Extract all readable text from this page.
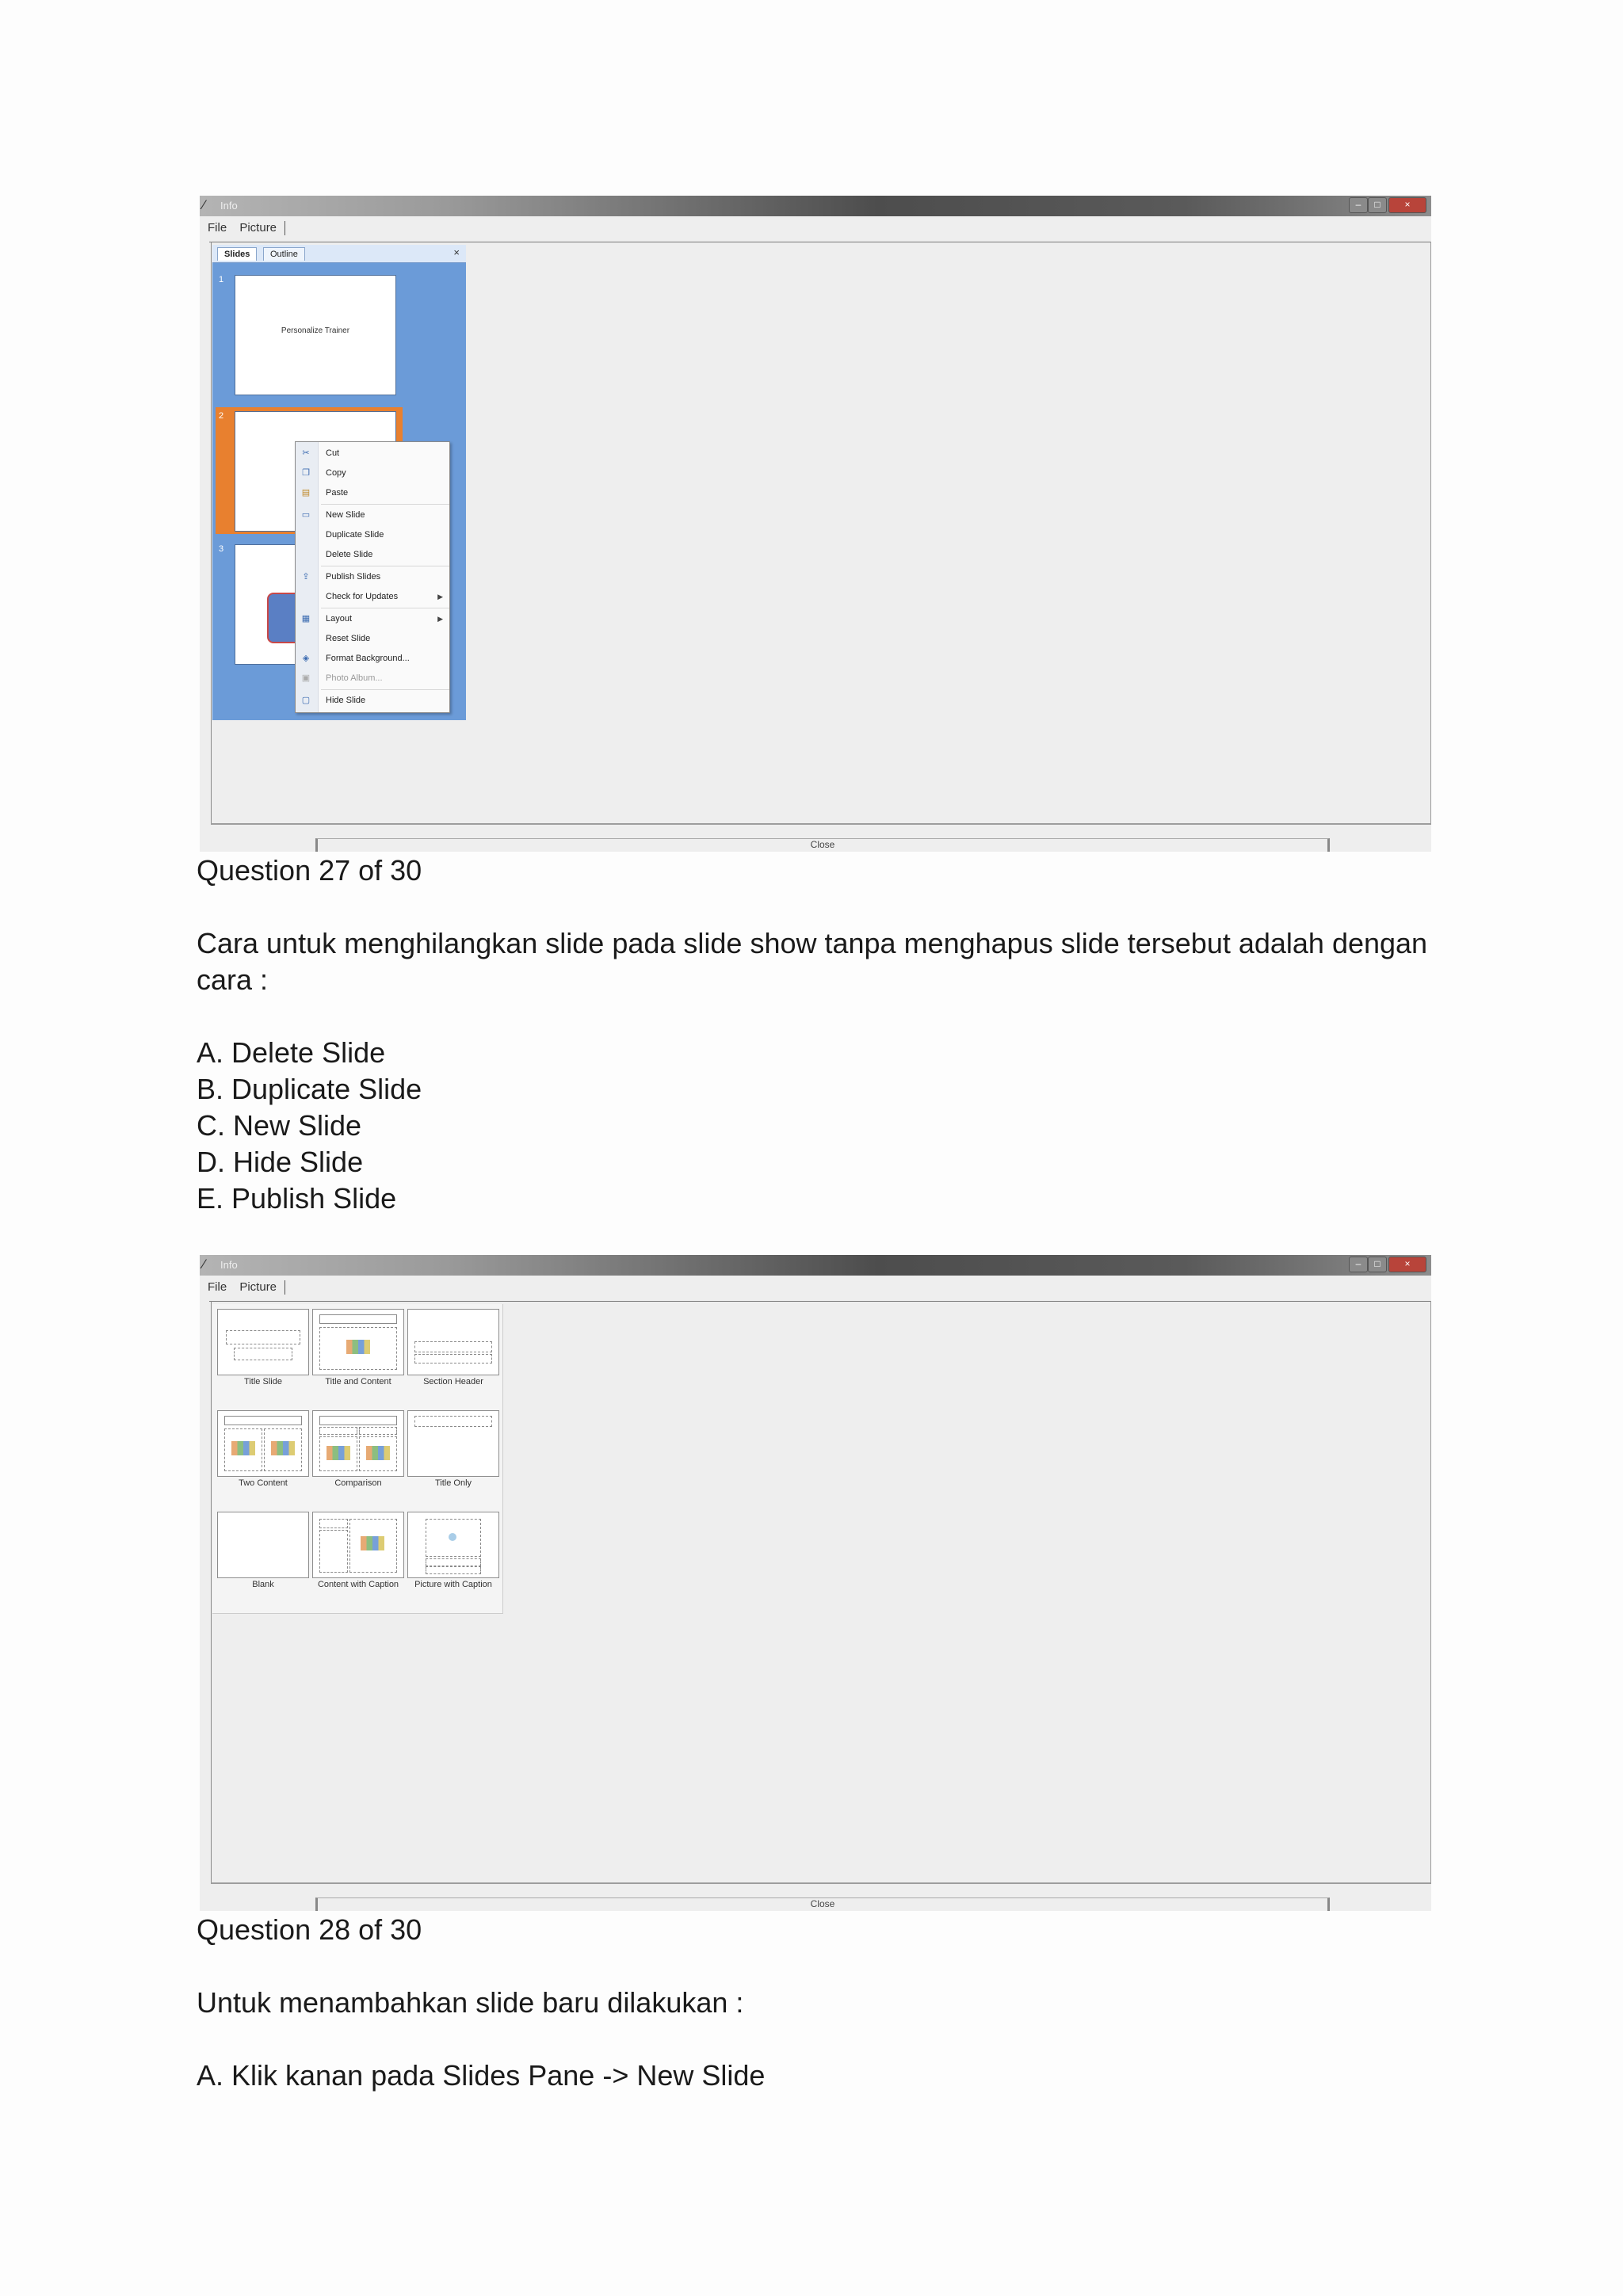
⁄ Info	–	□	×
File Picture
Slides	Outline	×
1
Personalize Trainer
2
3
✂ Cut
❐ Copy
▤ Paste
▭ New Slide
Duplicate Slide
Delete Slide
⇪ Publish Slides
Check for Updates	▶
▦ Layout	▶
Reset Slide
◈ Format Background...
▣ Photo Album...
▢ Hide Slide
Close

Question 27 of 30

Cara untuk menghilangkan slide pada slide show tanpa menghapus slide tersebut adalah dengan

cara :

A. Delete Slide

B. Duplicate Slide

C. New Slide

D. Hide Slide

E. Publish Slide

⁄ Info	–	□	×
File Picture
Title Slide	Title and Content	Section Header
Two Content	Comparison	Title Only
Blank	Content with Caption	Picture with Caption
Close

Question 28 of 30

Untuk menambahkan slide baru dilakukan :

A. Klik kanan pada Slides Pane -> New Slide
